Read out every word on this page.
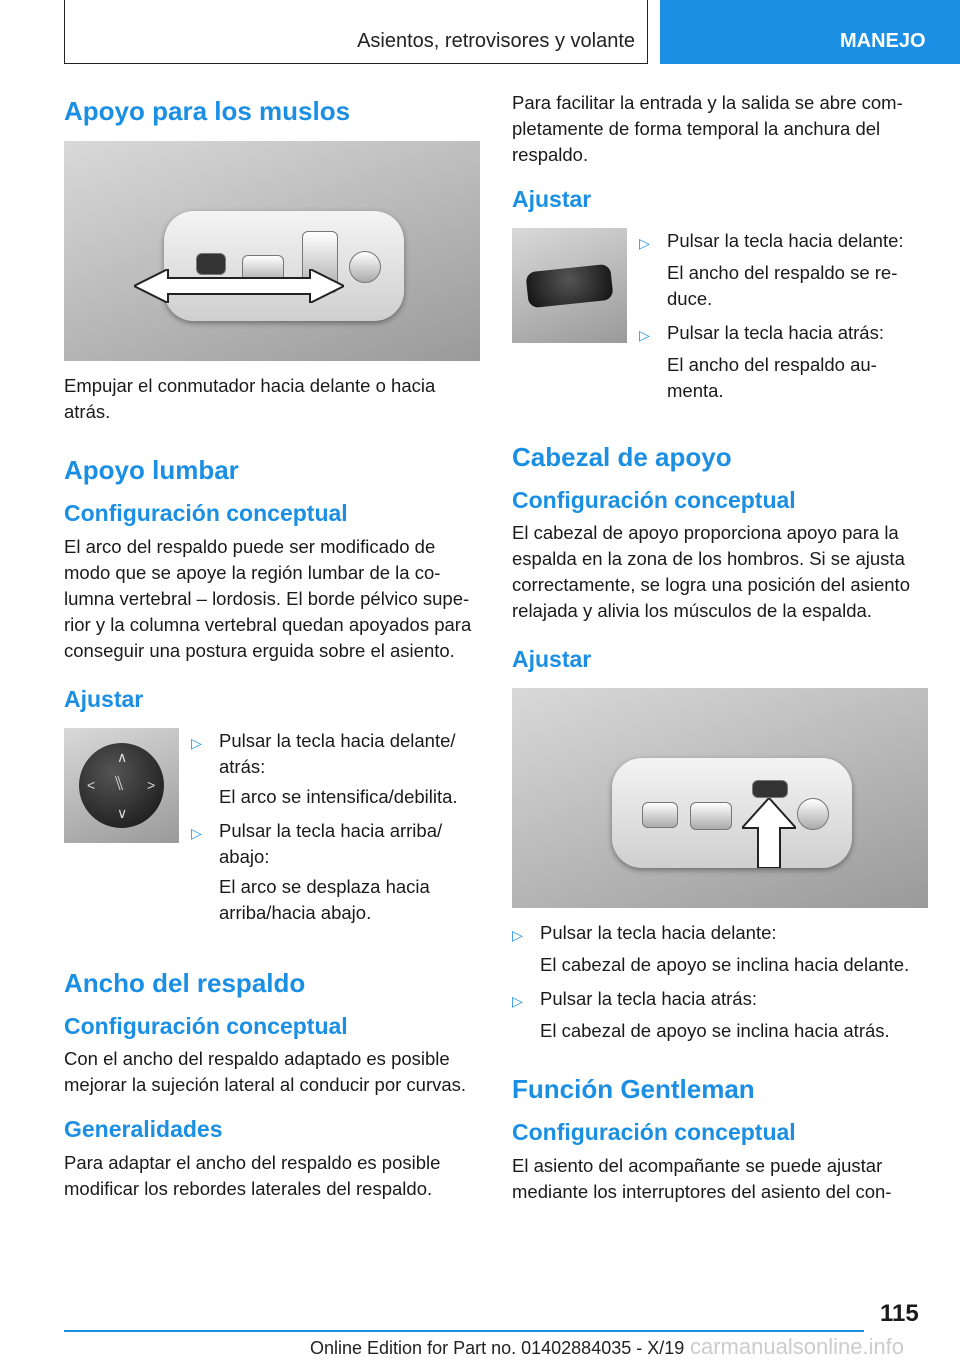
Asientos, retrovisores y volante	MANEJO
Apoyo para los muslos

Empujar el conmutador hacia delante o hacia atrás.

Apoyo lumbar
Configuración conceptual

El arco del respaldo puede ser modificado de modo que se apoye la región lumbar de la co-lumna vertebral – lordosis. El borde pélvico supe-rior y la columna vertebral quedan apoyados para conseguir una postura erguida sobre el asiento.

Ajustar
∧
∨
<	>
⑊
▷ Pulsar la tecla hacia delante/ atrás:
El arco se intensifica/debilita.
▷ Pulsar la tecla hacia arriba/ abajo:
El arco se desplaza hacia arriba/hacia abajo.
Ancho del respaldo
Configuración conceptual

Con el ancho del respaldo adaptado es posible mejorar la sujeción lateral al conducir por curvas.

Generalidades

Para adaptar el ancho del respaldo es posible modificar los rebordes laterales del respaldo.

Para facilitar la entrada y la salida se abre com-pletamente de forma temporal la anchura del respaldo.

Ajustar
▷ Pulsar la tecla hacia delante:
El ancho del respaldo se re-duce.
▷ Pulsar la tecla hacia atrás:
El ancho del respaldo au-menta.
Cabezal de apoyo
Configuración conceptual

El cabezal de apoyo proporciona apoyo para la espalda en la zona de los hombros. Si se ajusta correctamente, se logra una posición del asiento relajada y alivia los músculos de la espalda.

Ajustar
▷ Pulsar la tecla hacia delante:
El cabezal de apoyo se inclina hacia delante.
▷ Pulsar la tecla hacia atrás:
El cabezal de apoyo se inclina hacia atrás.
Función Gentleman
Configuración conceptual

El asiento del acompañante se puede ajustar mediante los interruptores del asiento del con-

115
Online Edition for Part no. 01402884035 - X/19 carmanualsonline.info
